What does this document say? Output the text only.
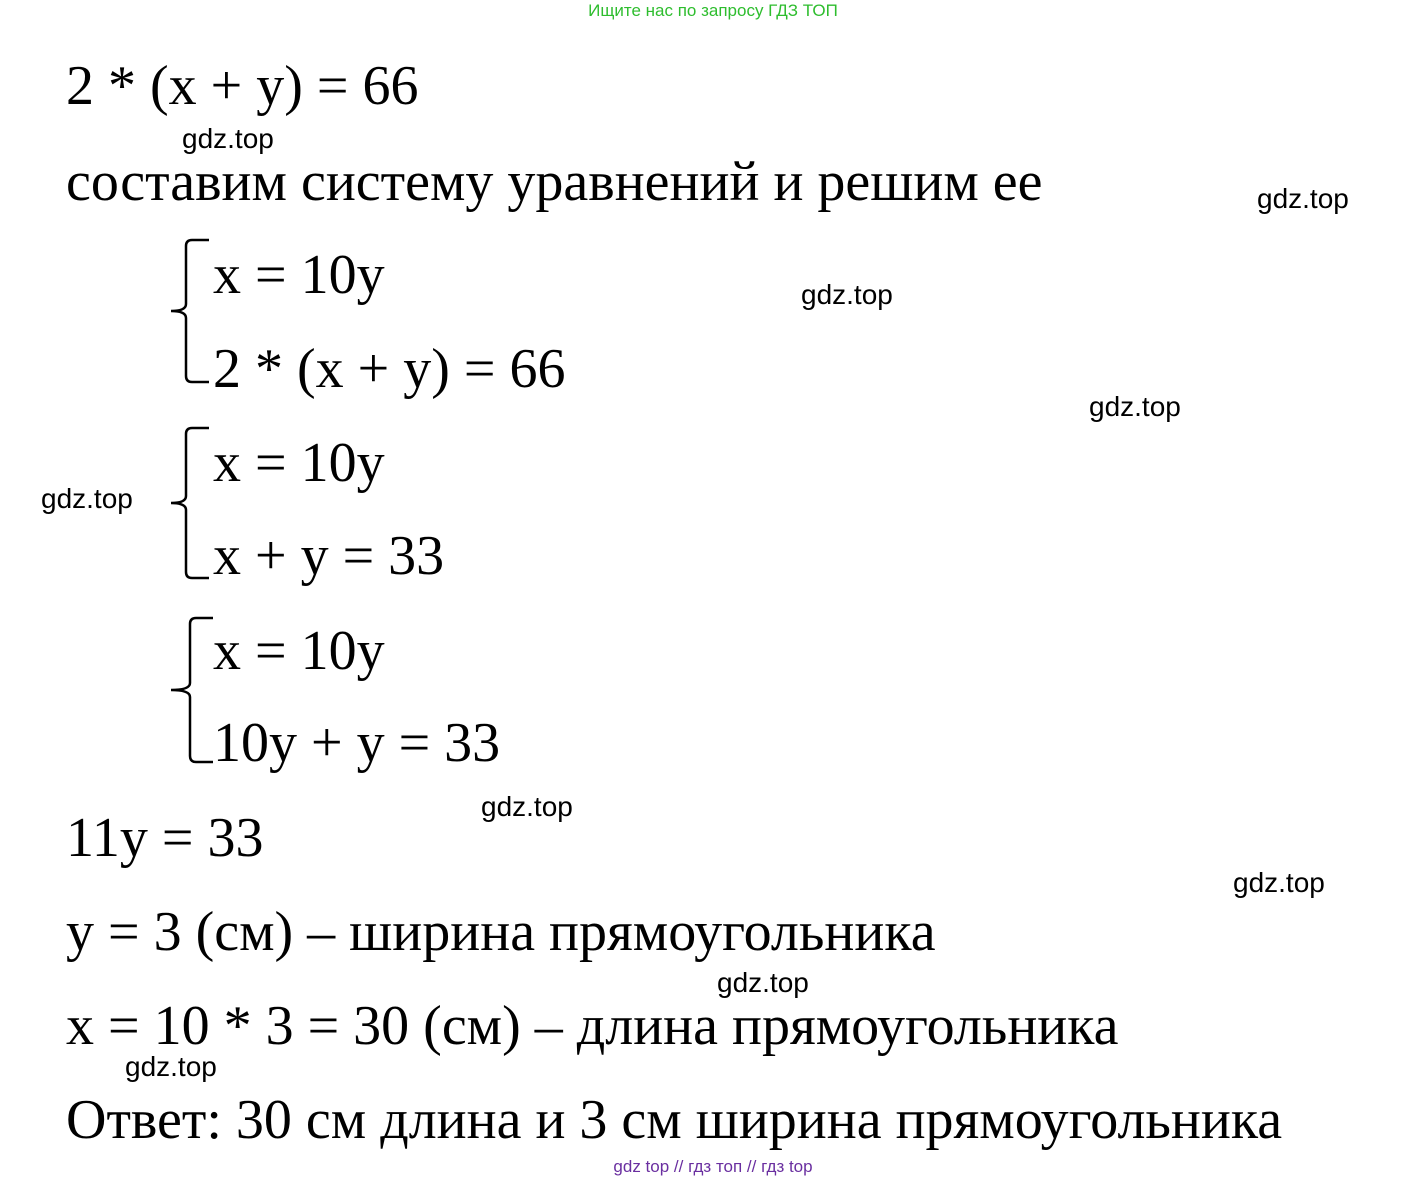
Ищите нас по запросу ГДЗ ТОП
2 * (x + y) = 66
составим систему уравнений и решим ее
x = 10y
2 * (x + y) = 66
x = 10y
x + y = 33
x = 10y
10y + y = 33
11y = 33
y = 3 (см) – ширина прямоугольника
x = 10 * 3 = 30 (см) – длина прямоугольника
Ответ: 30 см длина и 3 см ширина прямоугольника
gdz.top
gdz.top
gdz.top
gdz.top
gdz.top
gdz.top
gdz.top
gdz.top
gdz.top
gdz top // гдз топ // гдз top
